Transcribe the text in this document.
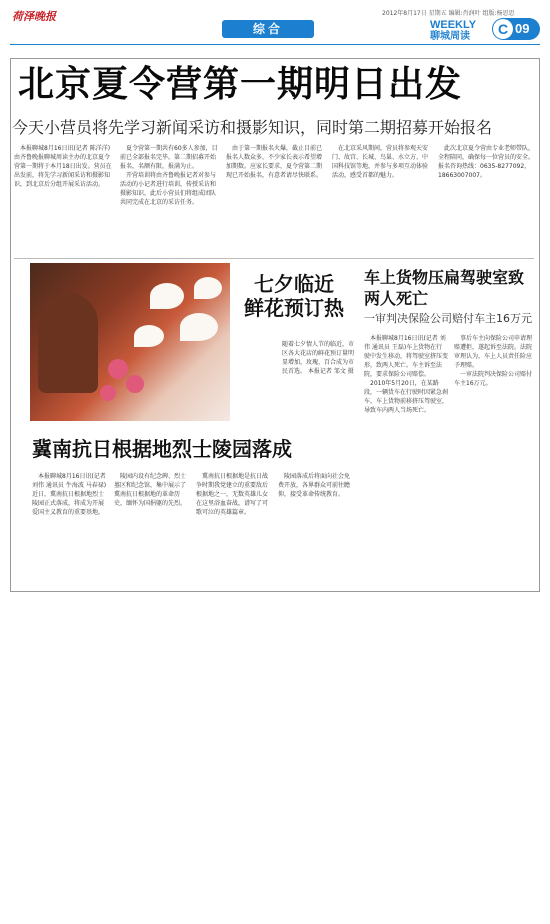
荷泽晚报
综合
2012年8月17日 星期五 编辑:肖润叶 组版:杨思思
WEEKLY
聊城周读	C 09
北京夏令营第一期明日出发
今天小营员将先学习新闻采访和摄影知识，同时第二期招募开始报名

本报聊城8月16日讯(记者 陈洋洋) 由齐鲁晚报聊城周读主办的北京夏令营第一期将于本月18日出发。营员在出发前，将先学习新闻采访和摄影知识，到北京后分组开展采访活动。

夏令营第一期共有60多人参加，目前已全部报名完毕。第二期招募开始报名，名额有限，报满为止。

开营培训将由齐鲁晚报记者对参与活动的小记者进行培训，传授采访和摄影知识，此后小营员们将组成团队共同完成在北京的采访任务。

由于第一期报名火爆，截止目前已报名人数众多，不少家长表示希望增加期数。应家长要求，夏令营第二期现已开始报名，有意者请尽快联系。

在北京采风期间，营员将参观天安门、故宫、长城、鸟巢、水立方、中国科技馆等地，并参与多项互动体验活动，感受首都的魅力。

此次北京夏令营由专业老师带队，全程陪同，确保每一位营员的安全。报名咨询热线：0635-8277092，18663007007。

七夕临近
鲜花预订热
随着七夕情人节的临近，市区各大花店的鲜花预订量明显增加，玫瑰、百合成为市民首选。 本报记者 邹文 摄
车上货物压扁驾驶室致两人死亡
一审判决保险公司赔付车主16万元

本报聊城8月16日讯(记者 刘伟 通讯员 王磊)车上货物在行驶中发生移动，将驾驶室挤压变形，致两人死亡。车主诉至法院，要求保险公司赔偿。

2010年5月20日，在某路段，一辆货车在行驶时因紧急刹车，车上货物前移挤压驾驶室，导致车内两人当场死亡。

事后车主向保险公司申请理赔遭拒，遂起诉至法院。法院审理认为，车上人员责任险应予理赔。

一审法院判决保险公司赔付车主16万元。

冀南抗日根据地烈士陵园落成

本报聊城8月16日讯(记者 刘伟 通讯员 牛海波 马春禄)近日，冀南抗日根据地烈士陵园正式落成，将成为开展爱国主义教育的重要基地。

陵园内设有纪念碑、烈士墓区和纪念馆，集中展示了冀南抗日根据地的革命历史，缅怀为国捐躯的先烈。

冀南抗日根据地是抗日战争时期我党建立的重要敌后根据地之一，无数英雄儿女在这里浴血奋战，谱写了可歌可泣的英雄篇章。

陵园落成后将面向社会免费开放，各界群众可前往瞻仰，接受革命传统教育。
